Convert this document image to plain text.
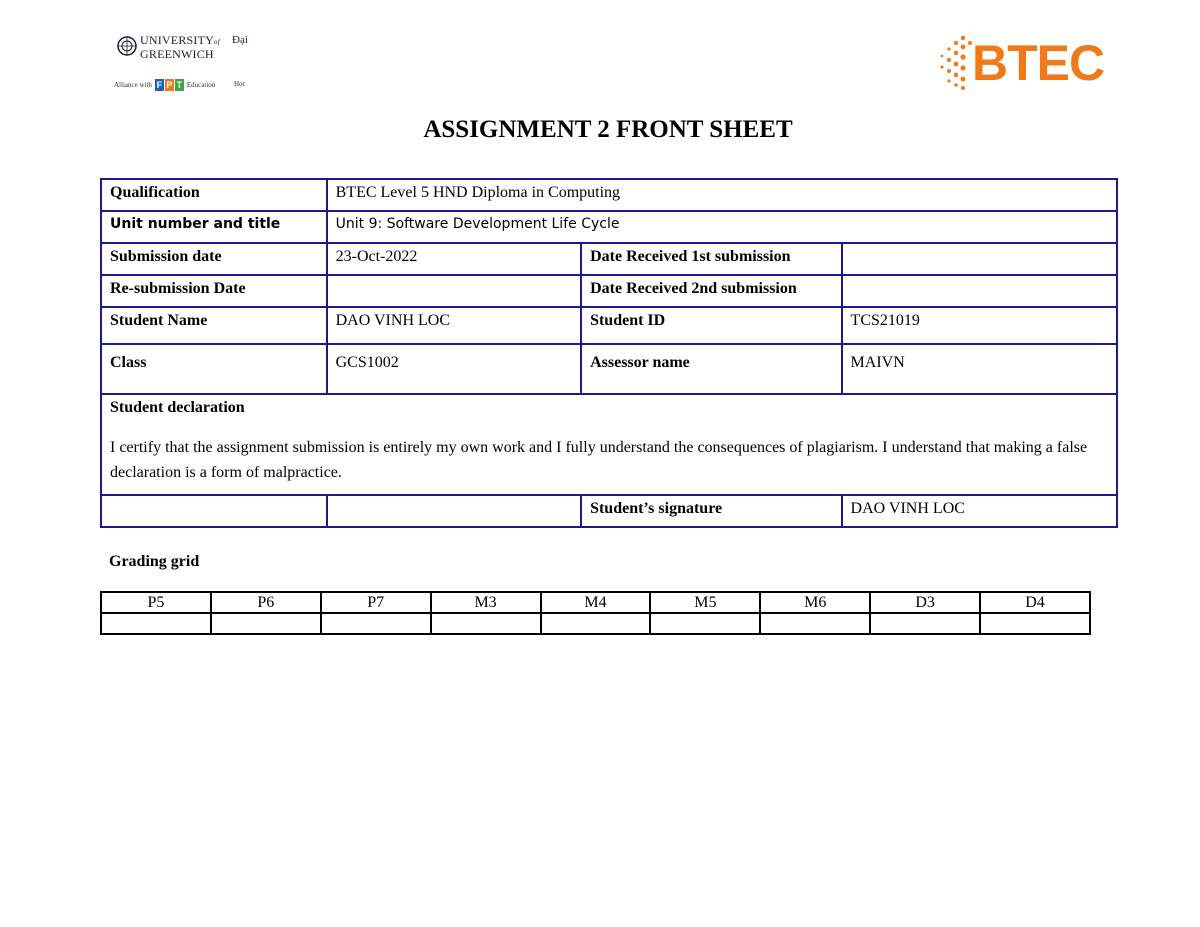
UNIVERSITYof
GREENWICH
Đại
Alliance with F P T Education	Học	BTEC
ASSIGNMENT 2 FRONT SHEET
Qualification	BTEC Level 5 HND Diploma in Computing		
Unit number and title	Unit 9: Software Development Life Cycle		
Submission date	23-Oct-2022	Date Received 1st submission	
Re-submission Date		Date Received 2nd submission	
Student Name	DAO VINH LOC	Student ID	TCS21019
Class	GCS1002	Assessor name	MAIVN

Student declaration

I certify that the assignment submission is entirely my own work and I fully understand the consequences of plagiarism. I understand that making a false declaration is a form of malpractice.			

		Student’s signature	DAO VINH LOC
Grading grid
P5	P6	P7	M3	M4	M5	M6	D3	D4
